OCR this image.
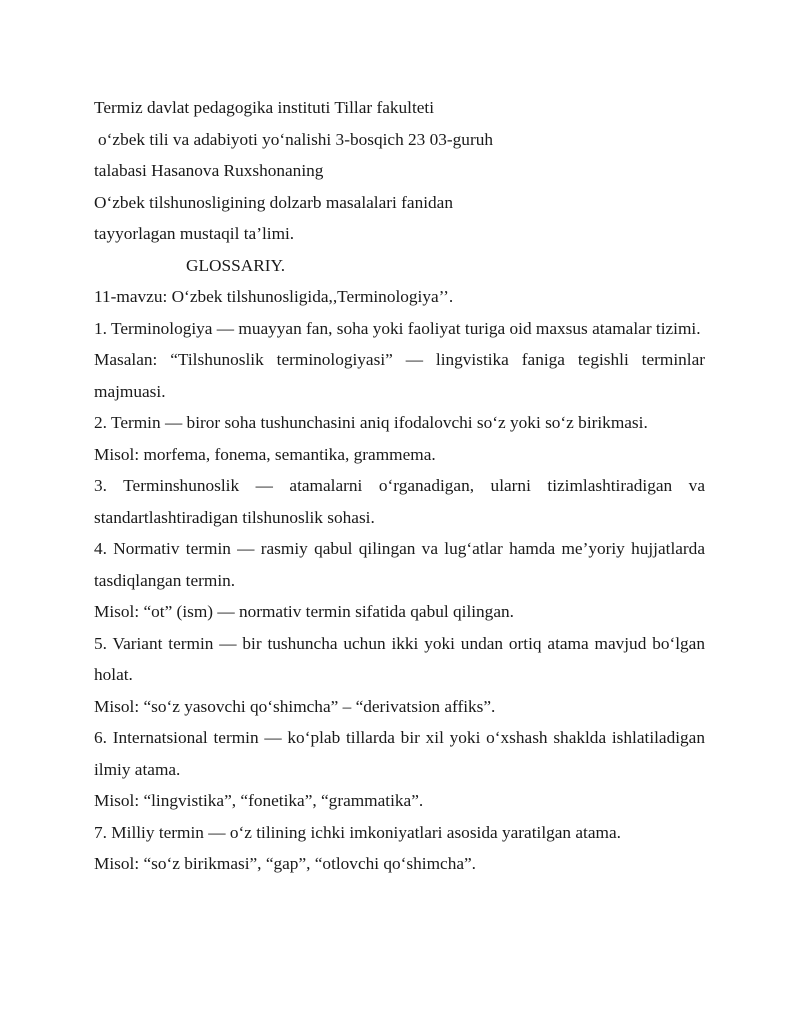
Termiz davlat pedagogika instituti Tillar fakulteti

o‘zbek tili va adabiyoti yo‘nalishi 3-bosqich 23 03-guruh

talabasi Hasanova Ruxshonaning

O‘zbek tilshunosligining dolzarb masalalari fanidan

tayyorlagan mustaqil ta’limi.

GLOSSARIY.

11-mavzu: O‘zbek tilshunosligida,,Terminologiya’’.

1. Terminologiya — muayyan fan, soha yoki faoliyat turiga oid maxsus atamalar tizimi.

Masalan: “Tilshunoslik terminologiyasi” — lingvistika faniga tegishli terminlar majmuasi.

2. Termin — biror soha tushunchasini aniq ifodalovchi so‘z yoki so‘z birikmasi.

Misol: morfema, fonema, semantika, grammema.

3. Terminshunoslik — atamalarni o‘rganadigan, ularni tizimlashtiradigan va standartlashtiradigan tilshunoslik sohasi.

4. Normativ termin — rasmiy qabul qilingan va lug‘atlar hamda me’yoriy hujjatlarda tasdiqlangan termin.

Misol: “ot” (ism) — normativ termin sifatida qabul qilingan.

5. Variant termin — bir tushuncha uchun ikki yoki undan ortiq atama mavjud bo‘lgan holat.

Misol: “so‘z yasovchi qo‘shimcha” – “derivatsion affiks”.

6. Internatsional termin — ko‘plab tillarda bir xil yoki o‘xshash shaklda ishlatiladigan ilmiy atama.

Misol: “lingvistika”, “fonetika”, “grammatika”.

7. Milliy termin — o‘z tilining ichki imkoniyatlari asosida yaratilgan atama.

Misol: “so‘z birikmasi”, “gap”, “otlovchi qo‘shimcha”.
